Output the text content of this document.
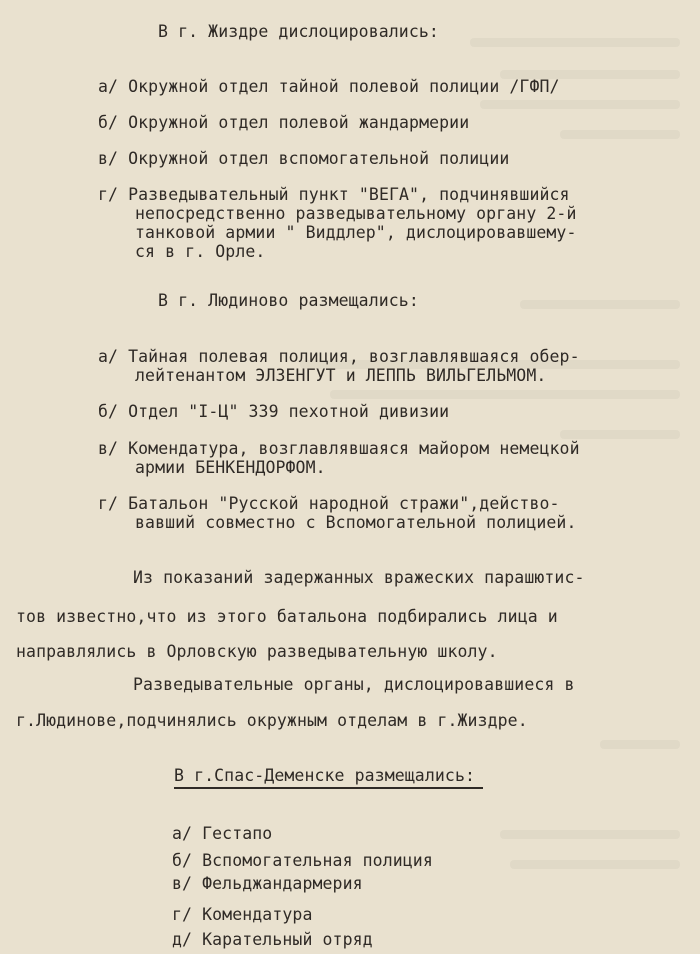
В г. Жиздре дислоцировались:
а/ Окружной отдел тайной полевой полиции /ГФП/
б/ Окружной отдел полевой жандармерии
в/ Окружной отдел вспомогательной полиции
г/ Разведывательный пункт "ВЕГА", подчинявшийся
непосредственно разведывательному органу 2-й
танковой армии " Виддлер", дислоцировавшему-
ся в г. Орле.
В г. Людиново размещались:
а/ Тайная полевая полиция, возглавлявшаяся обер-
лейтенантом ЭЛЗЕНГУТ и ЛЕППЬ ВИЛЬГЕЛЬМОМ.
б/ Отдел "I-Ц" 339 пехотной дивизии
в/ Комендатура, возглавлявшаяся майором немецкой
армии БЕНКЕНДОРФОМ.
г/ Батальон "Русской народной стражи",действо-
вавший совместно с Вспомогательной полицией.
Из показаний задержанных вражеских парашютис-
тов известно,что из этого батальона подбирались лица и
направлялись в Орловскую разведывательную школу.
Разведывательные органы, дислоцировавшиеся в
г.Людинове,подчинялись окружным отделам в г.Жиздре.
В г.Спас-Деменске размещались:
а/ Гестапо
б/ Вспомогательная полиция
в/ Фельджандармерия
г/ Комендатура
д/ Карательный отряд
